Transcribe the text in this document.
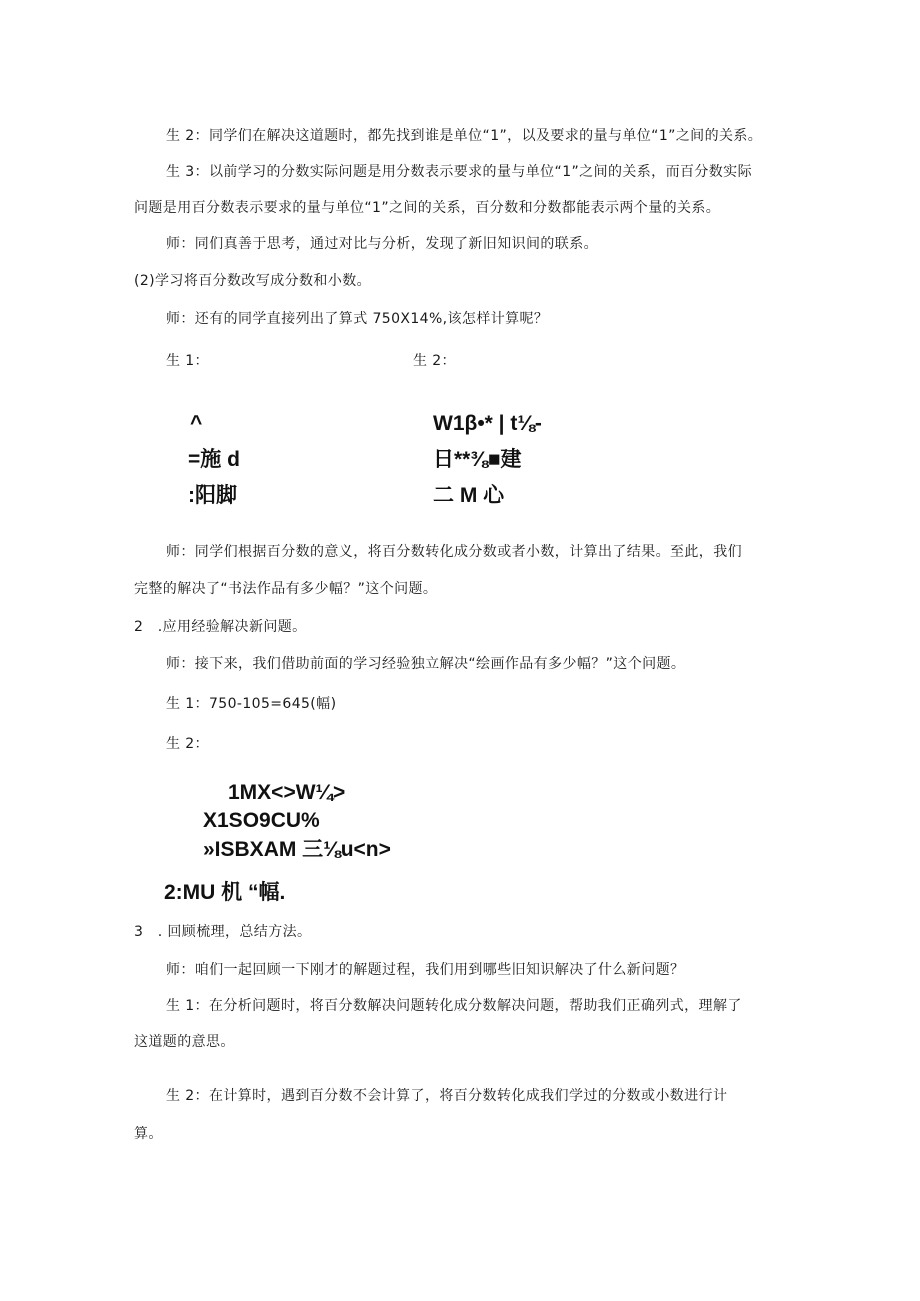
生 2：同学们在解决这道题时，都先找到谁是单位“1”，以及要求的量与单位“1”之间的关系。
生 3：以前学习的分数实际问题是用分数表示要求的量与单位“1”之间的关系，而百分数实际
问题是用百分数表示要求的量与单位“1”之间的关系，百分数和分数都能表示两个量的关系。
师：同们真善于思考，通过对比与分析，发现了新旧知识间的联系。
(2)学习将百分数改写成分数和小数。
师：还有的同学直接列出了算式 750X14%,该怎样计算呢？
生 1：	生 2：
^
=施 d
:阳脚
W1β•* | t⅛-
日**⅜■建
二 M 心
师：同学们根据百分数的意义，将百分数转化成分数或者小数，计算出了结果。至此，我们
完整的解决了“书法作品有多少幅？”这个问题。
2　.应用经验解决新问题。
师：接下来，我们借助前面的学习经验独立解决“绘画作品有多少幅？”这个问题。
生 1：750-105=645(幅)
生 2：
1MX<>W¼>
X1SO9CU%
»ISBXAM 三⅛u<n>
2:MU 机 “幅.
3　. 回顾梳理，总结方法。
师：咱们一起回顾一下刚才的解题过程，我们用到哪些旧知识解决了什么新问题？
生 1：在分析问题时，将百分数解决问题转化成分数解决问题，帮助我们正确列式，理解了
这道题的意思。
生 2：在计算时，遇到百分数不会计算了，将百分数转化成我们学过的分数或小数进行计
算。
